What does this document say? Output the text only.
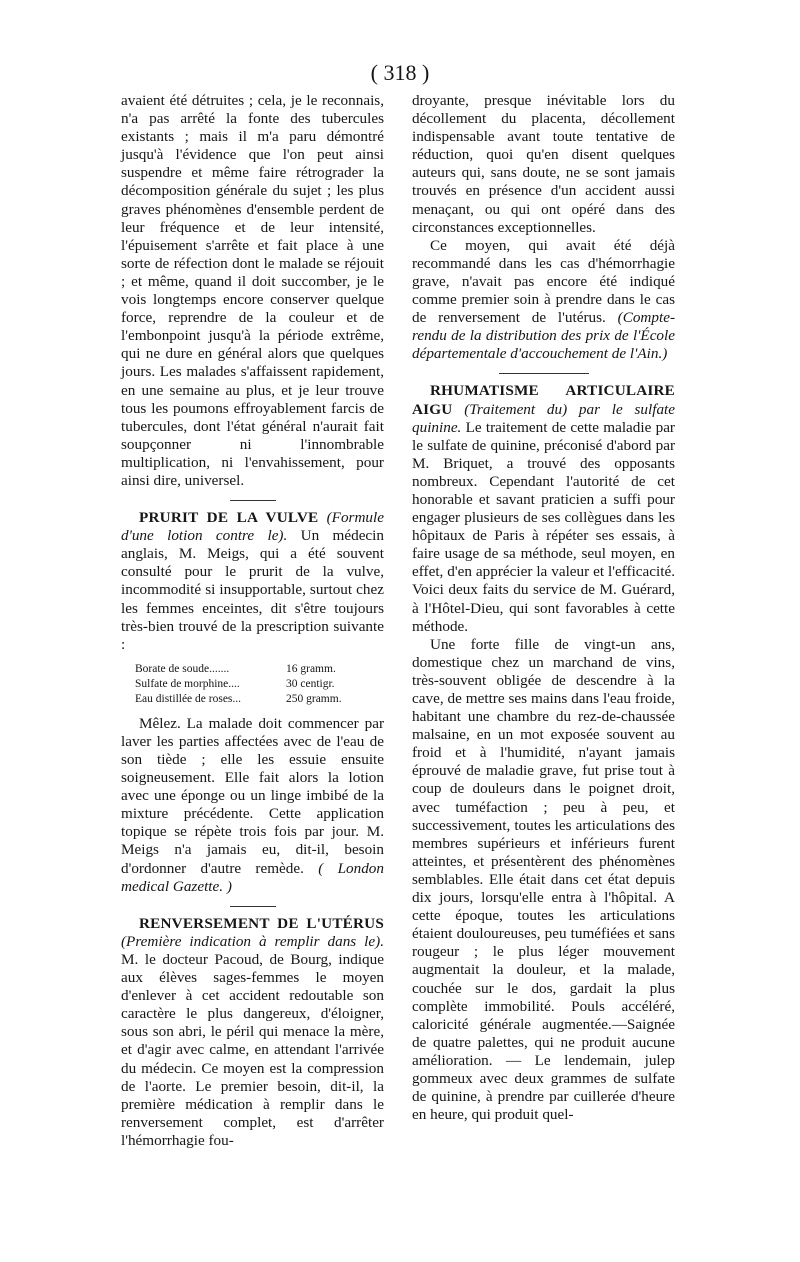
( 318 )

avaient été détruites ; cela, je le reconnais, n'a pas arrêté la fonte des tubercules existants ; mais il m'a paru démontré jusqu'à l'évidence que l'on peut ainsi suspendre et même faire rétrograder la décomposition générale du sujet ; les plus graves phénomènes d'ensemble perdent de leur fréquence et de leur intensité, l'épuisement s'arrête et fait place à une sorte de réfection dont le malade se réjouit ; et même, quand il doit succomber, je le vois longtemps encore conserver quelque force, reprendre de la couleur et de l'embonpoint jusqu'à la période extrême, qui ne dure en général alors que quelques jours. Les malades s'affaissent rapidement, en une semaine au plus, et je leur trouve tous les poumons effroyablement farcis de tubercules, dont l'état général n'aurait fait soupçonner ni l'innombrable multiplication, ni l'envahissement, pour ainsi dire, universel.

PRURIT DE LA VULVE (Formule d'une lotion contre le). Un médecin anglais, M. Meigs, qui a été souvent consulté pour le prurit de la vulve, incommodité si insupportable, surtout chez les femmes enceintes, dit s'être toujours très-bien trouvé de la prescription suivante :

Borate de soude.......	16 gramm.
Sulfate de morphine....	30 centigr.
Eau distillée de roses...	250 gramm.

Mêlez. La malade doit commencer par laver les parties affectées avec de l'eau de son tiède ; elle les essuie ensuite soigneusement. Elle fait alors la lotion avec une éponge ou un linge imbibé de la mixture précédente. Cette application topique se répète trois fois par jour. M. Meigs n'a jamais eu, dit-il, besoin d'ordonner d'autre remède. ( London medical Gazette. )

RENVERSEMENT DE L'UTÉRUS (Première indication à remplir dans le). M. le docteur Pacoud, de Bourg, indique aux élèves sages-femmes le moyen d'enlever à cet accident redoutable son caractère le plus dangereux, d'éloigner, sous son abri, le péril qui menace la mère, et d'agir avec calme, en attendant l'arrivée du médecin. Ce moyen est la compression de l'aorte. Le premier besoin, dit-il, la première médication à remplir dans le renversement complet, est d'arrêter l'hémorrhagie fou-

droyante, presque inévitable lors du décollement du placenta, décollement indispensable avant toute tentative de réduction, quoi qu'en disent quelques auteurs qui, sans doute, ne se sont jamais trouvés en présence d'un accident aussi menaçant, ou qui ont opéré dans des circonstances exceptionnelles.

Ce moyen, qui avait été déjà recommandé dans les cas d'hémorrhagie grave, n'avait pas encore été indiqué comme premier soin à prendre dans le cas de renversement de l'utérus. (Compte-rendu de la distribution des prix de l'École départementale d'accouchement de l'Ain.)

RHUMATISME ARTICULAIRE AIGU (Traitement du) par le sulfate quinine. Le traitement de cette maladie par le sulfate de quinine, préconisé d'abord par M. Briquet, a trouvé des opposants nombreux. Cependant l'autorité de cet honorable et savant praticien a suffi pour engager plusieurs de ses collègues dans les hôpitaux de Paris à répéter ses essais, à faire usage de sa méthode, seul moyen, en effet, d'en apprécier la valeur et l'efficacité. Voici deux faits du service de M. Guérard, à l'Hôtel-Dieu, qui sont favorables à cette méthode.

Une forte fille de vingt-un ans, domestique chez un marchand de vins, très-souvent obligée de descendre à la cave, de mettre ses mains dans l'eau froide, habitant une chambre du rez-de-chaussée malsaine, en un mot exposée souvent au froid et à l'humidité, n'ayant jamais éprouvé de maladie grave, fut prise tout à coup de douleurs dans le poignet droit, avec tuméfaction ; peu à peu, et successivement, toutes les articulations des membres supérieurs et inférieurs furent atteintes, et présentèrent des phénomènes semblables. Elle était dans cet état depuis dix jours, lorsqu'elle entra à l'hôpital. A cette époque, toutes les articulations étaient douloureuses, peu tuméfiées et sans rougeur ; le plus léger mouvement augmentait la douleur, et la malade, couchée sur le dos, gardait la plus complète immobilité. Pouls accéléré, caloricité générale augmentée.—Saignée de quatre palettes, qui ne produit aucune amélioration. — Le lendemain, julep gommeux avec deux grammes de sulfate de quinine, à prendre par cuillerée d'heure en heure, qui produit quel-
